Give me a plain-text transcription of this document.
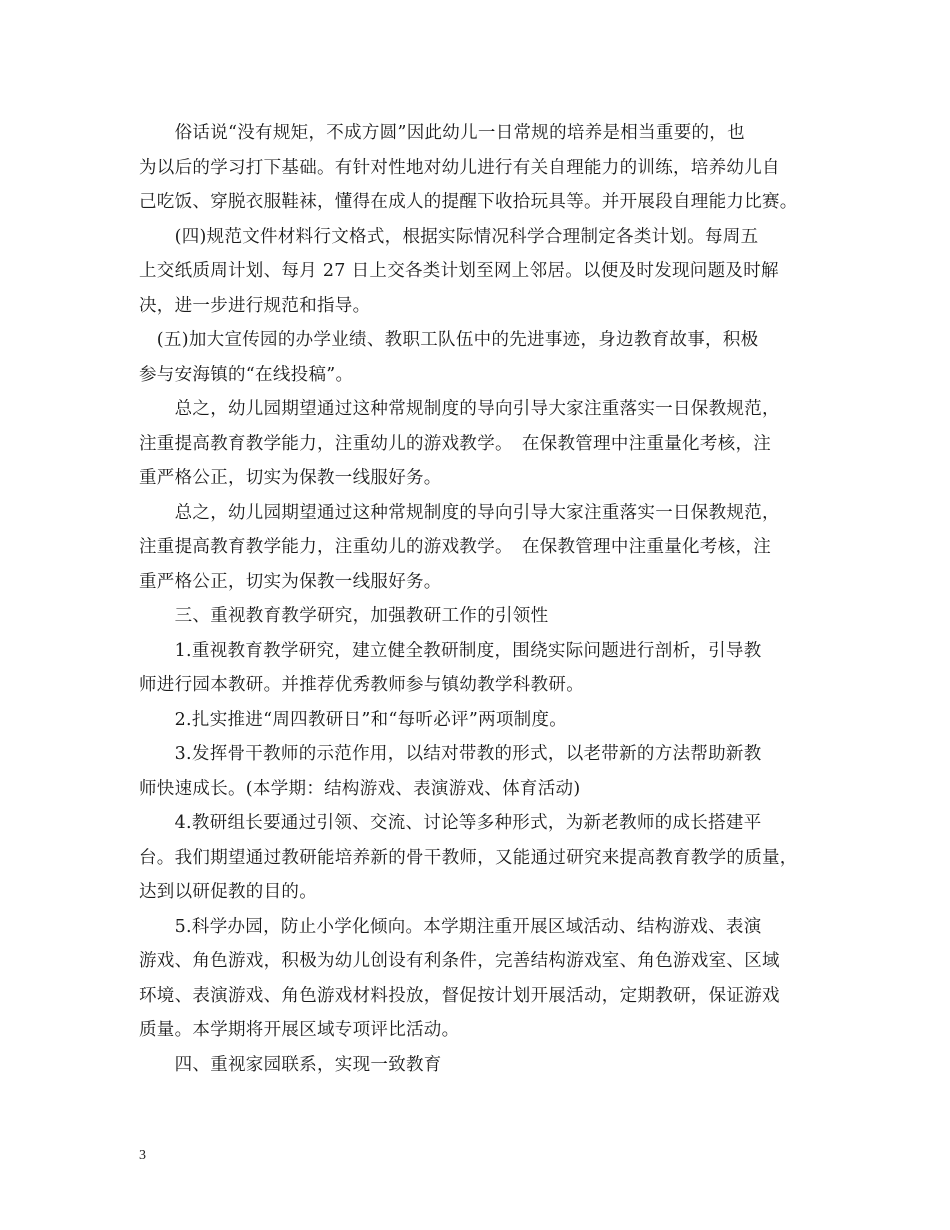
　　俗话说“没有规矩，不成方圆”因此幼儿一日常规的培养是相当重要的，也
为以后的学习打下基础。有针对性地对幼儿进行有关自理能力的训练，培养幼儿自
己吃饭、穿脱衣服鞋袜，懂得在成人的提醒下收拾玩具等。并开展段自理能力比赛。

　　(四)规范文件材料行文格式，根据实际情况科学合理制定各类计划。每周五
上交纸质周计划、每月 27 日上交各类计划至网上邻居。以便及时发现问题及时解
决，进一步进行规范和指导。

　(五)加大宣传园的办学业绩、教职工队伍中的先进事迹，身边教育故事，积极
参与安海镇的“在线投稿”。

　　总之，幼儿园期望通过这种常规制度的导向引导大家注重落实一日保教规范，
注重提高教育教学能力，注重幼儿的游戏教学。　在保教管理中注重量化考核，注
重严格公正，切实为保教一线服好务。

　　总之，幼儿园期望通过这种常规制度的导向引导大家注重落实一日保教规范，
注重提高教育教学能力，注重幼儿的游戏教学。　在保教管理中注重量化考核，注
重严格公正，切实为保教一线服好务。

　　三、重视教育教学研究，加强教研工作的引领性

　　1.重视教育教学研究，建立健全教研制度，围绕实际问题进行剖析，引导教
师进行园本教研。并推荐优秀教师参与镇幼教学科教研。

　　2.扎实推进“周四教研日”和“每听必评”两项制度。

　　3.发挥骨干教师的示范作用，以结对带教的形式，以老带新的方法帮助新教
师快速成长。(本学期：结构游戏、表演游戏、体育活动)

　　4.教研组长要通过引领、交流、讨论等多种形式，为新老教师的成长搭建平
台。我们期望通过教研能培养新的骨干教师，又能通过研究来提高教育教学的质量，
达到以研促教的目的。

　　5.科学办园，防止小学化倾向。本学期注重开展区域活动、结构游戏、表演
游戏、角色游戏，积极为幼儿创设有利条件，完善结构游戏室、角色游戏室、区域
环境、表演游戏、角色游戏材料投放，督促按计划开展活动，定期教研，保证游戏
质量。本学期将开展区域专项评比活动。

　　四、重视家园联系，实现一致教育

3
